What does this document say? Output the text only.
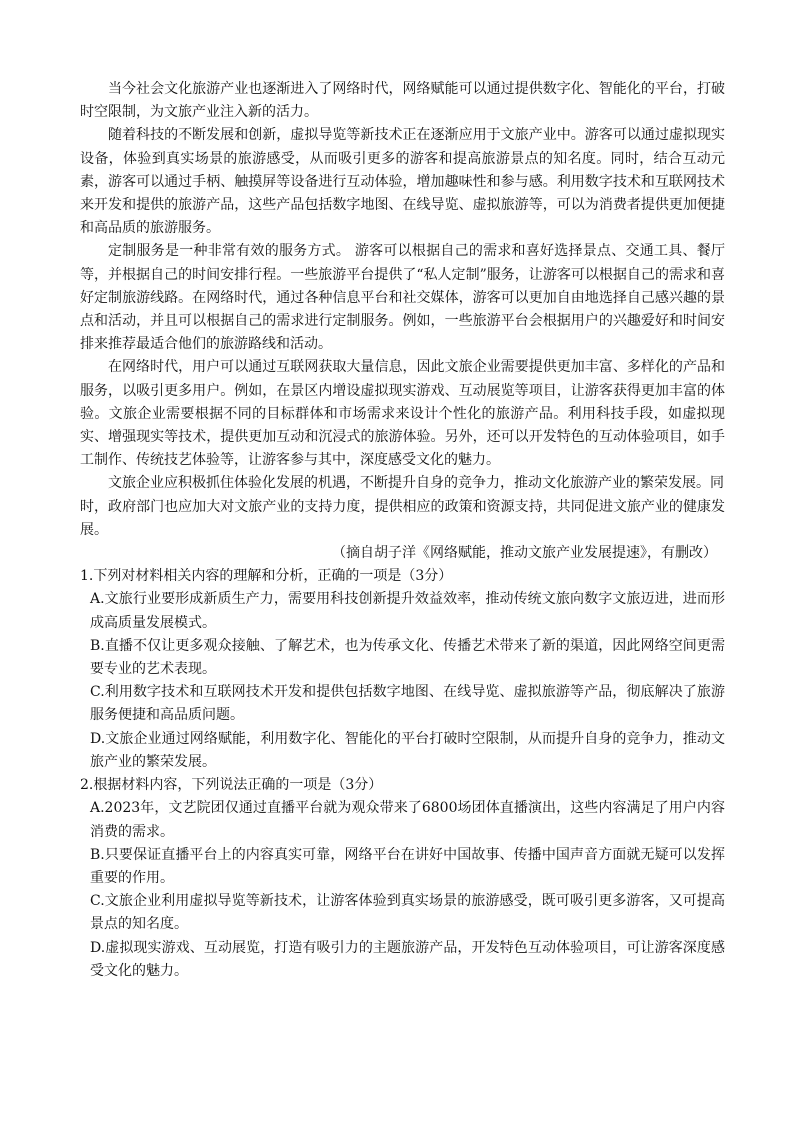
当今社会文化旅游产业也逐渐进入了网络时代，网络赋能可以通过提供数字化、智能化的平台，打破时空限制，为文旅产业注入新的活力。

随着科技的不断发展和创新，虚拟导览等新技术正在逐渐应用于文旅产业中。游客可以通过虚拟现实设备，体验到真实场景的旅游感受，从而吸引更多的游客和提高旅游景点的知名度。同时，结合互动元素，游客可以通过手柄、触摸屏等设备进行互动体验，增加趣味性和参与感。利用数字技术和互联网技术来开发和提供的旅游产品，这些产品包括数字地图、在线导览、虚拟旅游等，可以为消费者提供更加便捷和高品质的旅游服务。

定制服务是一种非常有效的服务方式。 游客可以根据自己的需求和喜好选择景点、交通工具、餐厅等，并根据自己的时间安排行程。一些旅游平台提供了“私人定制”服务，让游客可以根据自己的需求和喜好定制旅游线路。在网络时代，通过各种信息平台和社交媒体，游客可以更加自由地选择自己感兴趣的景点和活动，并且可以根据自己的需求进行定制服务。例如，一些旅游平台会根据用户的兴趣爱好和时间安排来推荐最适合他们的旅游路线和活动。

在网络时代，用户可以通过互联网获取大量信息，因此文旅企业需要提供更加丰富、多样化的产品和服务，以吸引更多用户。例如，在景区内增设虚拟现实游戏、互动展览等项目，让游客获得更加丰富的体验。文旅企业需要根据不同的目标群体和市场需求来设计个性化的旅游产品。利用科技手段，如虚拟现实、增强现实等技术，提供更加互动和沉浸式的旅游体验。另外，还可以开发特色的互动体验项目，如手工制作、传统技艺体验等，让游客参与其中，深度感受文化的魅力。

文旅企业应积极抓住体验化发展的机遇，不断提升自身的竞争力，推动文化旅游产业的繁荣发展。同

时，政府部门也应加大对文旅产业的支持力度，提供相应的政策和资源支持，共同促进文旅产业的健康发展。

（摘自胡子洋《网络赋能，推动文旅产业发展提速》，有删改）

1.下列对材料相关内容的理解和分析，正确的一项是（3分）

A.文旅行业要形成新质生产力，需要用科技创新提升效益效率，推动传统文旅向数字文旅迈进，进而形成高质量发展模式。

B.直播不仅让更多观众接触、了解艺术，也为传承文化、传播艺术带来了新的渠道，因此网络空间更需要专业的艺术表现。

C.利用数字技术和互联网技术开发和提供包括数字地图、在线导览、虚拟旅游等产品，彻底解决了旅游服务便捷和高品质问题。

D.文旅企业通过网络赋能，利用数字化、智能化的平台打破时空限制，从而提升自身的竞争力，推动文旅产业的繁荣发展。

2.根据材料内容，下列说法正确的一项是（3分）

A.2023年，文艺院团仅通过直播平台就为观众带来了6800场团体直播演出，这些内容满足了用户内容消费的需求。

B.只要保证直播平台上的内容真实可靠，网络平台在讲好中国故事、传播中国声音方面就无疑可以发挥重要的作用。

C.文旅企业利用虚拟导览等新技术，让游客体验到真实场景的旅游感受，既可吸引更多游客，又可提高景点的知名度。

D.虚拟现实游戏、互动展览，打造有吸引力的主题旅游产品，开发特色互动体验项目，可让游客深度感受文化的魅力。
